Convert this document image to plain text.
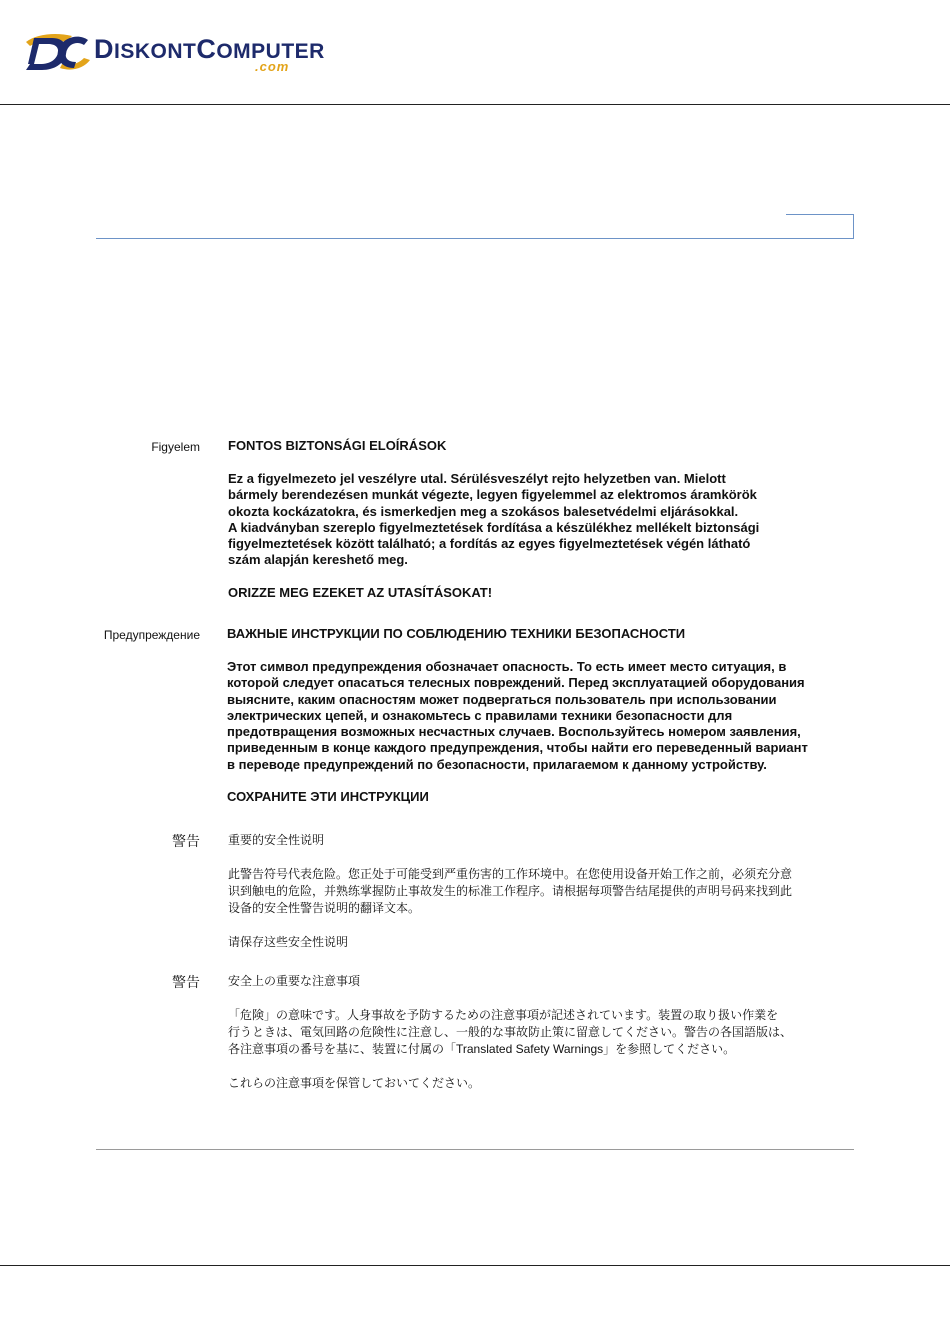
DISKONTCOMPUTER
.com
Figyelem FONTOS BIZTONSÁGI ELOÍRÁSOK
Ez a figyelmezeto jel veszélyre utal. Sérülésveszélyt rejto helyzetben van. Mielott
bármely berendezésen munkát végezte, legyen figyelemmel az elektromos áramkörök
okozta kockázatokra, és ismerkedjen meg a szokásos balesetvédelmi eljárásokkal.
A kiadványban szereplo figyelmeztetések fordítása a készülékhez mellékelt biztonsági
figyelmeztetések között található; a fordítás az egyes figyelmeztetések végén látható
szám alapján kereshető meg.
ORIZZE MEG EZEKET AZ UTASÍTÁSOKAT!
Предупреждение ВАЖНЫЕ ИНСТРУКЦИИ ПО СОБЛЮДЕНИЮ ТЕХНИКИ БЕЗОПАСНОСТИ
Этот символ предупреждения обозначает опасность. То есть имеет место ситуация, в
которой следует опасаться телесных повреждений. Перед эксплуатацией оборудования
выясните, каким опасностям может подвергаться пользователь при использовании
электрических цепей, и ознакомьтесь с правилами техники безопасности для
предотвращения возможных несчастных случаев. Воспользуйтесь номером заявления,
приведенным в конце каждого предупреждения, чтобы найти его переведенный вариант
в переводе предупреждений по безопасности, прилагаемом к данному устройству.
СОХРАНИТЕ ЭТИ ИНСТРУКЦИИ
警告 重要的安全性说明
此警告符号代表危险。您正处于可能受到严重伤害的工作环境中。在您使用设备开始工作之前，必须充分意
识到触电的危险，并熟练掌握防止事故发生的标准工作程序。请根据每项警告结尾提供的声明号码来找到此
设备的安全性警告说明的翻译文本。
请保存这些安全性说明
警告 安全上の重要な注意事項
「危険」の意味です。人身事故を予防するための注意事項が記述されています。装置の取り扱い作業を
行うときは、電気回路の危険性に注意し、一般的な事故防止策に留意してください。警告の各国語版は、
各注意事項の番号を基に、装置に付属の「Translated Safety Warnings」を参照してください。
これらの注意事項を保管しておいてください。
